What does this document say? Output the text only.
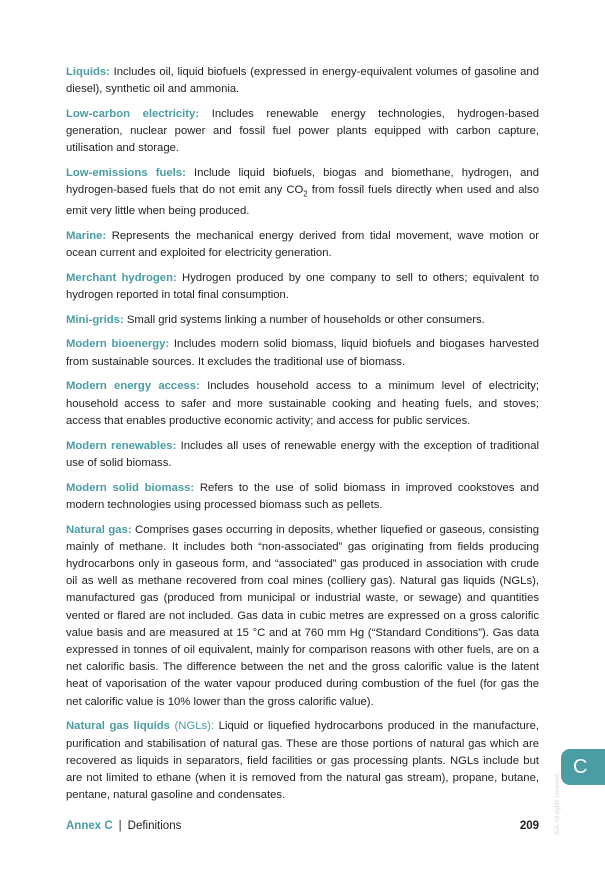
Liquids: Includes oil, liquid biofuels (expressed in energy-equivalent volumes of gasoline and diesel), synthetic oil and ammonia.

Low-carbon electricity: Includes renewable energy technologies, hydrogen-based generation, nuclear power and fossil fuel power plants equipped with carbon capture, utilisation and storage.

Low-emissions fuels: Include liquid biofuels, biogas and biomethane, hydrogen, and hydrogen-based fuels that do not emit any $CO_2$ from fossil fuels directly when used and also emit very little when being produced.

Marine: Represents the mechanical energy derived from tidal movement, wave motion or ocean current and exploited for electricity generation.

Merchant hydrogen: Hydrogen produced by one company to sell to others; equivalent to hydrogen reported in total final consumption.

Mini-grids: Small grid systems linking a number of households or other consumers.

Modern bioenergy: Includes modern solid biomass, liquid biofuels and biogases harvested from sustainable sources. It excludes the traditional use of biomass.

Modern energy access: Includes household access to a minimum level of electricity; household access to safer and more sustainable cooking and heating fuels, and stoves; access that enables productive economic activity; and access for public services.

Modern renewables: Includes all uses of renewable energy with the exception of traditional use of solid biomass.

Modern solid biomass: Refers to the use of solid biomass in improved cookstoves and modern technologies using processed biomass such as pellets.

Natural gas: Comprises gases occurring in deposits, whether liquefied or gaseous, consisting mainly of methane. It includes both “non-associated” gas originating from fields producing hydrocarbons only in gaseous form, and “associated” gas produced in association with crude oil as well as methane recovered from coal mines (colliery gas). Natural gas liquids (NGLs), manufactured gas (produced from municipal or industrial waste, or sewage) and quantities vented or flared are not included. Gas data in cubic metres are expressed on a gross calorific value basis and are measured at 15 °C and at 760 mm Hg (“Standard Conditions”). Gas data expressed in tonnes of oil equivalent, mainly for comparison reasons with other fuels, are on a net calorific basis. The difference between the net and the gross calorific value is the latent heat of vaporisation of the water vapour produced during combustion of the fuel (for gas the net calorific value is 10% lower than the gross calorific value).

Natural gas liquids (NGLs): Liquid or liquefied hydrocarbons produced in the manufacture, purification and stabilisation of natural gas. These are those portions of natural gas which are recovered as liquids in separators, field facilities or gas processing plants. NGLs include but are not limited to ethane (when it is removed from the natural gas stream), propane, butane, pentane, natural gasoline and condensates.

C
IEA. All rights reserved.
Annex C | Definitions	209
